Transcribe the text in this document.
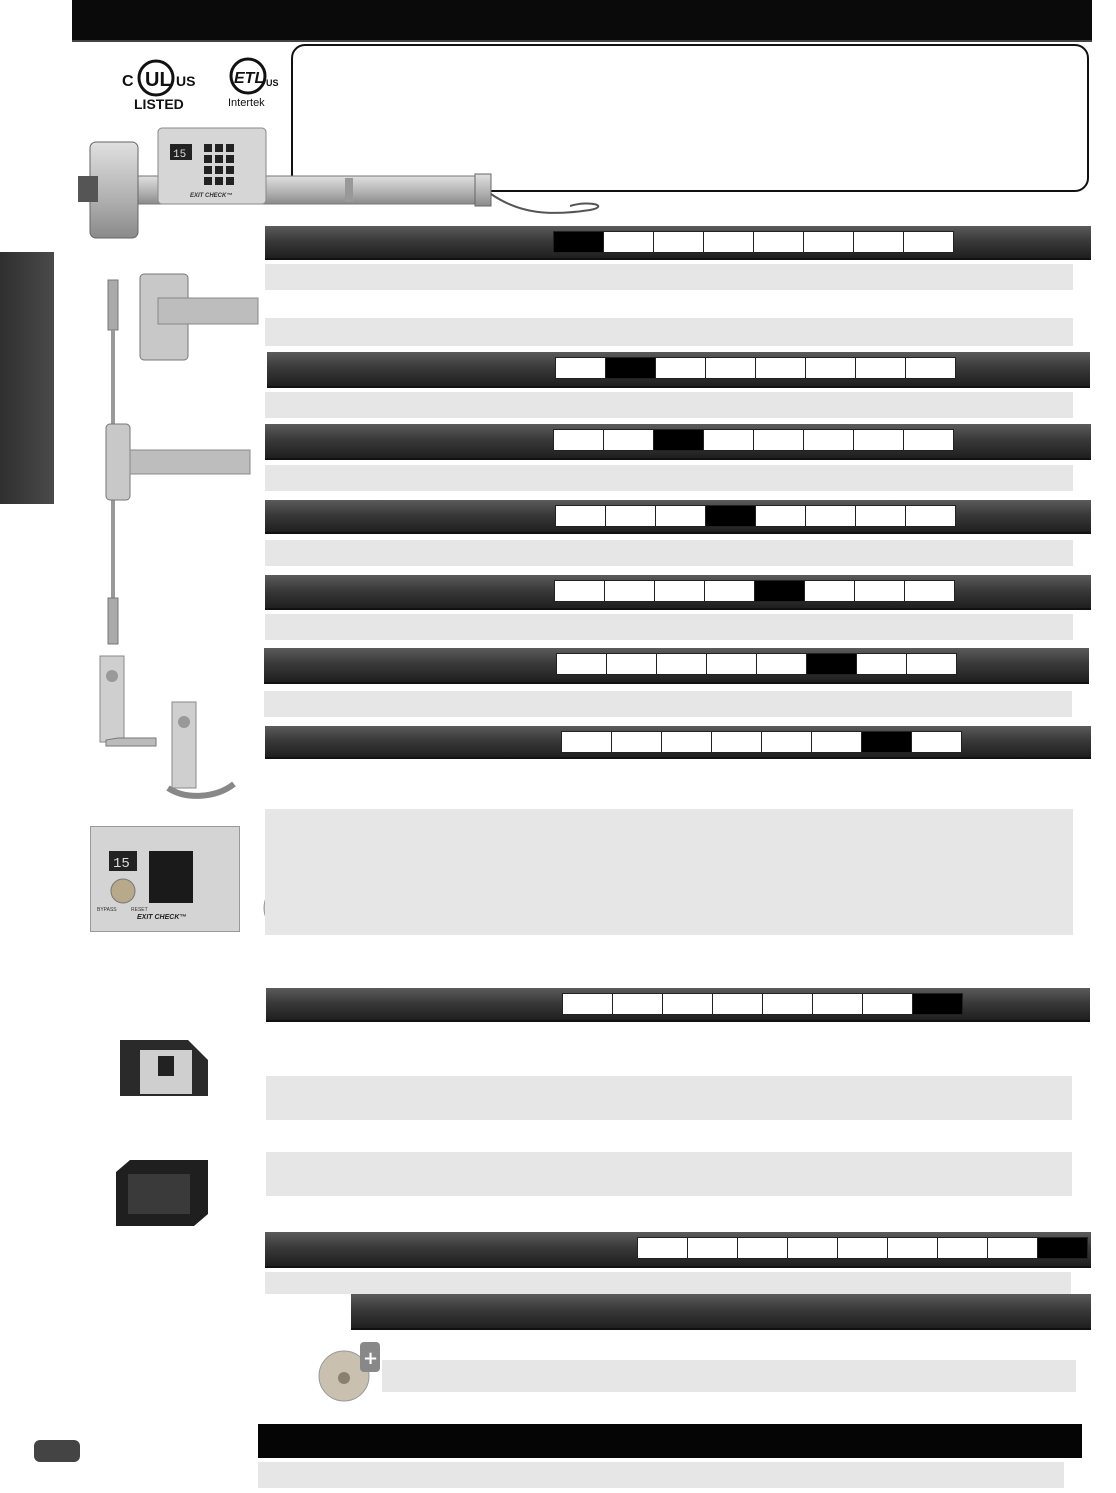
C UL US
LISTED
ETL US
Intertek
15
EXIT CHECK™
15
BYPASS	RESET
EXIT CHECK™
+
